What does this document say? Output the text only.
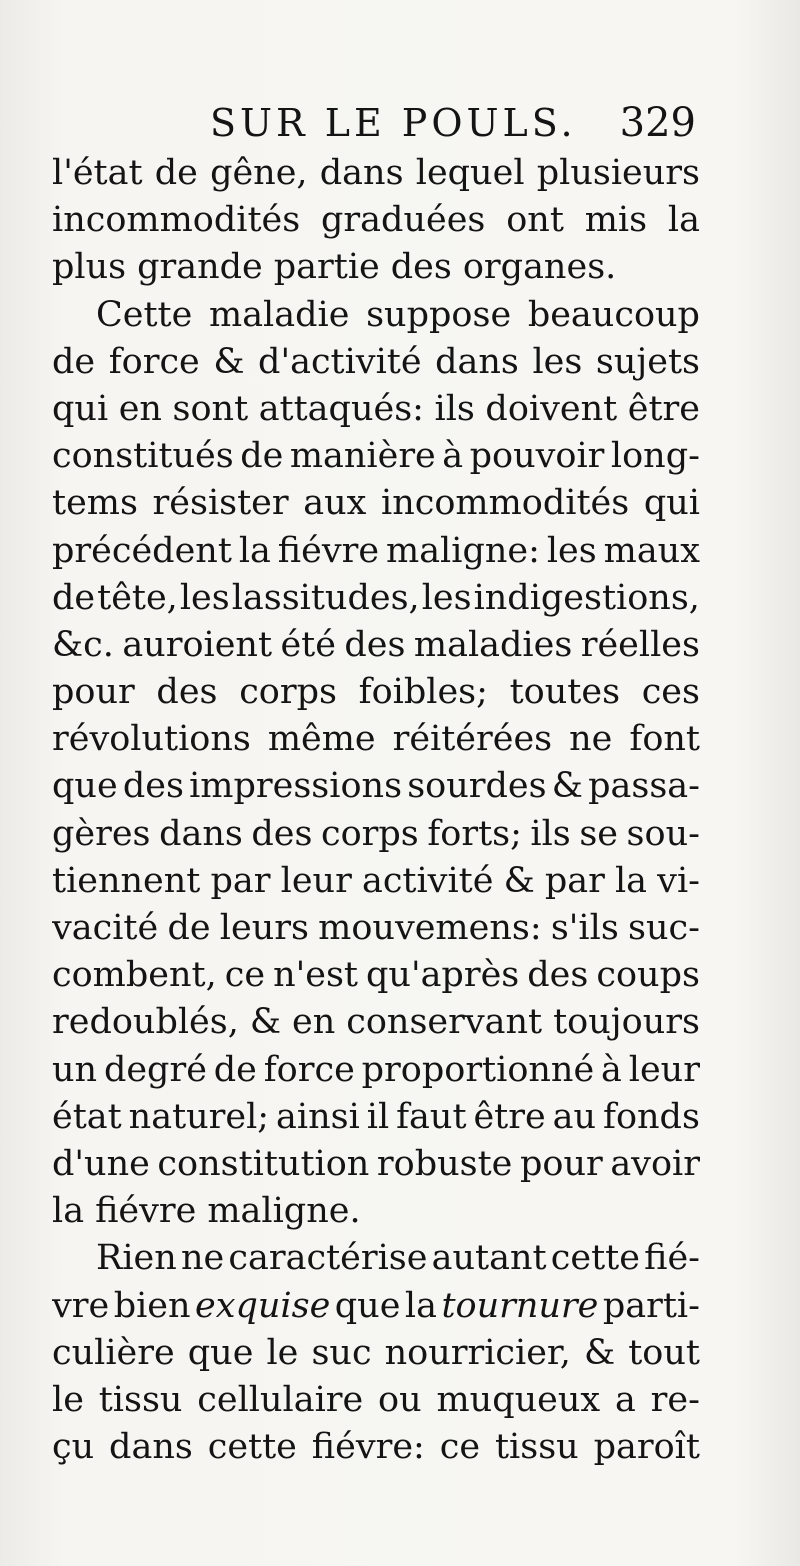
SUR LE POULS. 329
l'état de gêne, dans lequel plusieurs
incommodités graduées ont mis la
plus grande partie des organes.
Cette maladie suppose beaucoup
de force & d'activité dans les sujets
qui en sont attaqués: ils doivent être
constitués de manière à pouvoir long-
tems résister aux incommodités qui
précédent la fiévre maligne: les maux
de tête, les lassitudes, les indigestions,
&c. auroient été des maladies réelles
pour des corps foibles; toutes ces
révolutions même réitérées ne font
que des impressions sourdes & passa-
gères dans des corps forts; ils se sou-
tiennent par leur activité & par la vi-
vacité de leurs mouvemens: s'ils suc-
combent, ce n'est qu'après des coups
redoublés, & en conservant toujours
un degré de force proportionné à leur
état naturel; ainsi il faut être au fonds
d'une constitution robuste pour avoir
la fiévre maligne.
Rien ne caractérise autant cette fié-
vre bien exquise que la tournure parti-
culière que le suc nourricier, & tout
le tissu cellulaire ou muqueux a re-
çu dans cette fiévre: ce tissu paroît
